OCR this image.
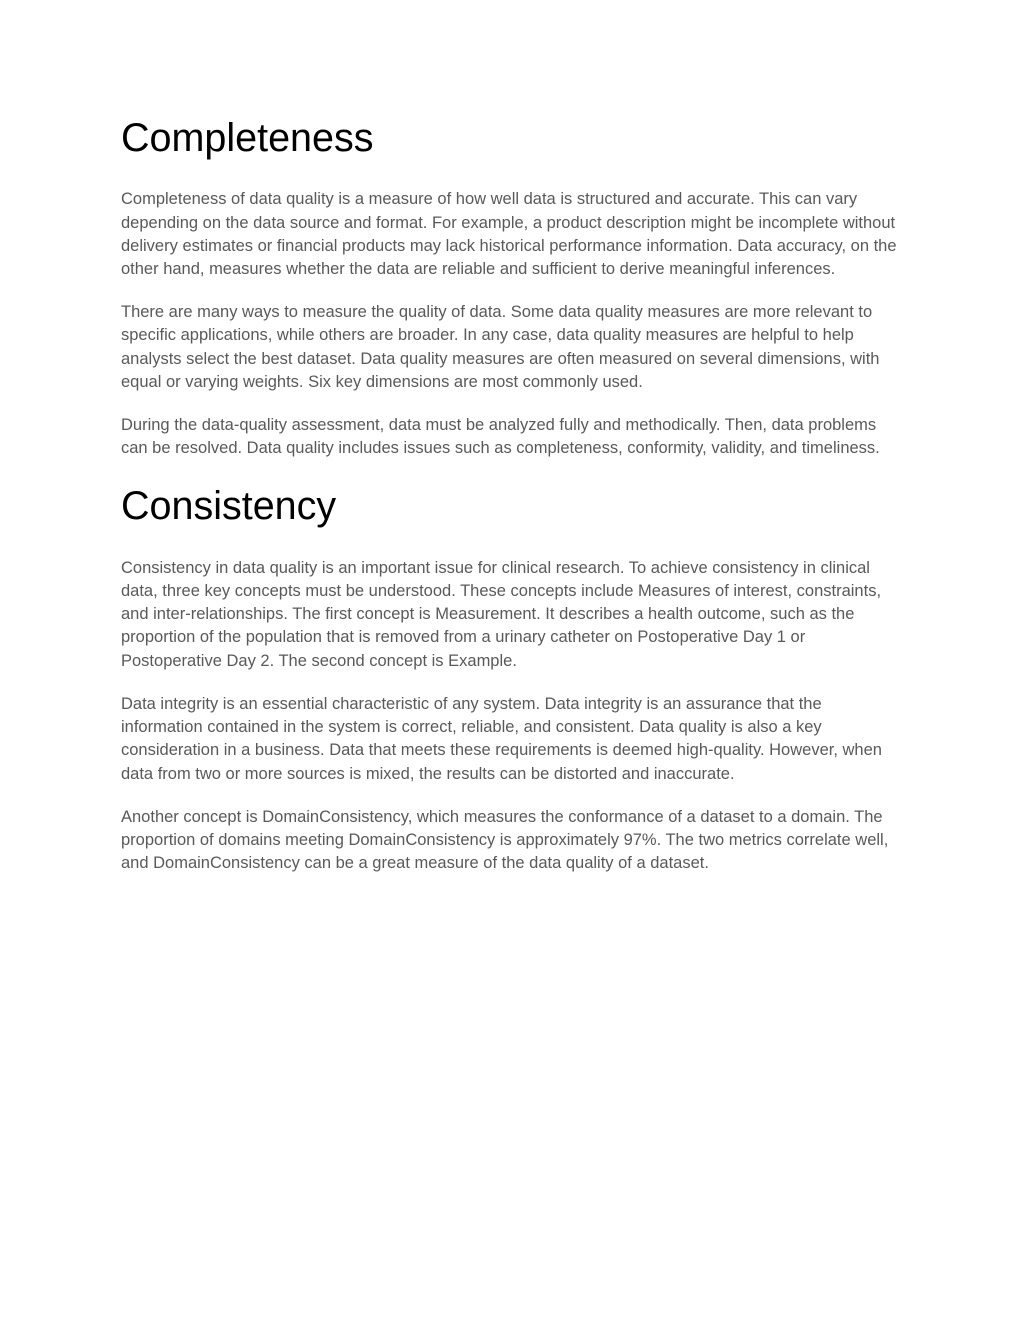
Completeness

Completeness of data quality is a measure of how well data is structured and accurate. This can vary depending on the data source and format. For example, a product description might be incomplete without delivery estimates or financial products may lack historical performance information. Data accuracy, on the other hand, measures whether the data are reliable and sufficient to derive meaningful inferences.

There are many ways to measure the quality of data. Some data quality measures are more relevant to specific applications, while others are broader. In any case, data quality measures are helpful to help analysts select the best dataset. Data quality measures are often measured on several dimensions, with equal or varying weights. Six key dimensions are most commonly used.

During the data-quality assessment, data must be analyzed fully and methodically. Then, data problems can be resolved. Data quality includes issues such as completeness, conformity, validity, and timeliness.

Consistency

Consistency in data quality is an important issue for clinical research. To achieve consistency in clinical data, three key concepts must be understood. These concepts include Measures of interest, constraints, and inter-relationships. The first concept is Measurement. It describes a health outcome, such as the proportion of the population that is removed from a urinary catheter on Postoperative Day 1 or Postoperative Day 2. The second concept is Example.

Data integrity is an essential characteristic of any system. Data integrity is an assurance that the information contained in the system is correct, reliable, and consistent. Data quality is also a key consideration in a business. Data that meets these requirements is deemed high-quality. However, when data from two or more sources is mixed, the results can be distorted and inaccurate.

Another concept is DomainConsistency, which measures the conformance of a dataset to a domain. The proportion of domains meeting DomainConsistency is approximately 97%. The two metrics correlate well, and DomainConsistency can be a great measure of the data quality of a dataset.
